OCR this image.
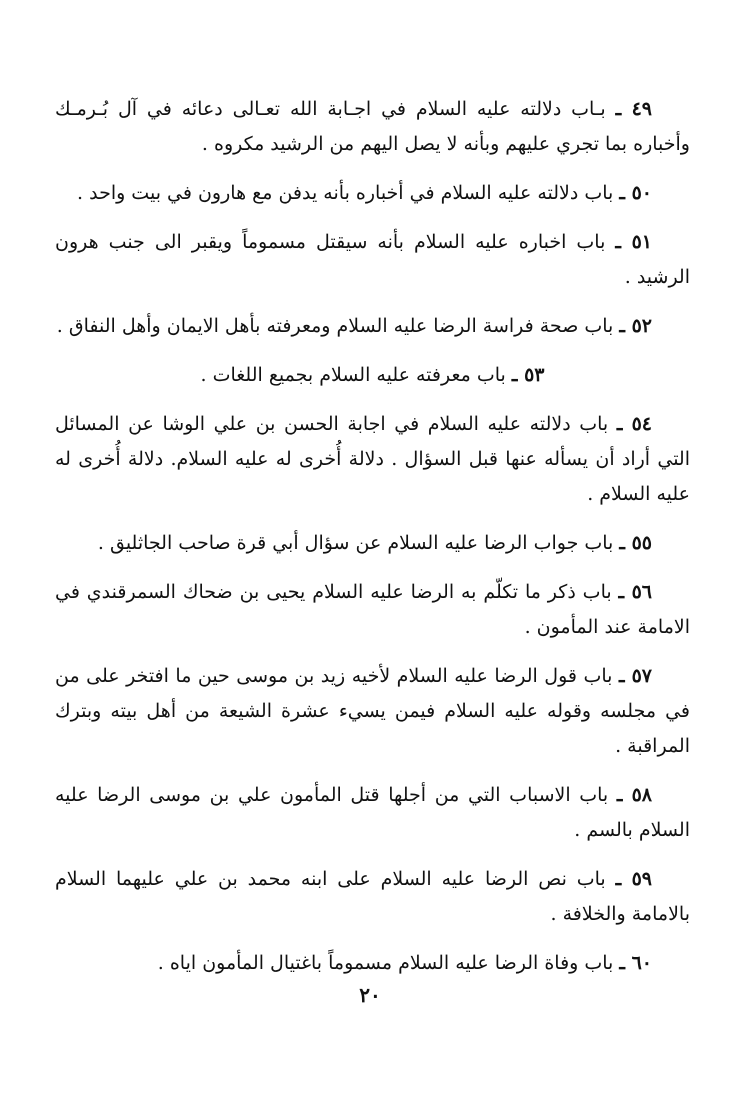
٤٩ ـ بـاب دلالته عليه السلام في اجـابة الله تعـالى دعائه في آل بُـرمـك وأخباره بما تجري عليهم وبأنه لا يصل اليهم من الرشيد مكروه .

٥٠ ـ باب دلالته عليه السلام في أخباره بأنه يدفن مع هارون في بيت واحد .

٥١ ـ باب اخباره عليه السلام بأنه سيقتل مسموماً ويقبر الى جنب هرون الرشيد .

٥٢ ـ باب صحة فراسة الرضا عليه السلام ومعرفته بأهل الايمان وأهل النفاق .

٥٣ ـ باب معرفته عليه السلام بجميع اللغات .

٥٤ ـ باب دلالته عليه السلام في اجابة الحسن بن علي الوشا عن المسائل التي أراد أن يسأله عنها قبل السؤال . دلالة أُخرى له عليه السلام. دلالة أُخرى له عليه السلام .

٥٥ ـ باب جواب الرضا عليه السلام عن سؤال أبي قرة صاحب الجاثليق .

٥٦ ـ باب ذكر ما تكلّم به الرضا عليه السلام يحيى بن ضحاك السمرقندي في الامامة عند المأمون .

٥٧ ـ باب قول الرضا عليه السلام لأخيه زيد بن موسى حين ما افتخر على من في مجلسه وقوله عليه السلام فيمن يسيء عشرة الشيعة من أهل بيته وبترك المراقبة .

٥٨ ـ باب الاسباب التي من أجلها قتل المأمون علي بن موسى الرضا عليه السلام بالسم .

٥٩ ـ باب نص الرضا عليه السلام على ابنه محمد بن علي عليهما السلام بالامامة والخلافة .

٦٠ ـ باب وفاة الرضا عليه السلام مسموماً باغتيال المأمون اياه .

٢٠
